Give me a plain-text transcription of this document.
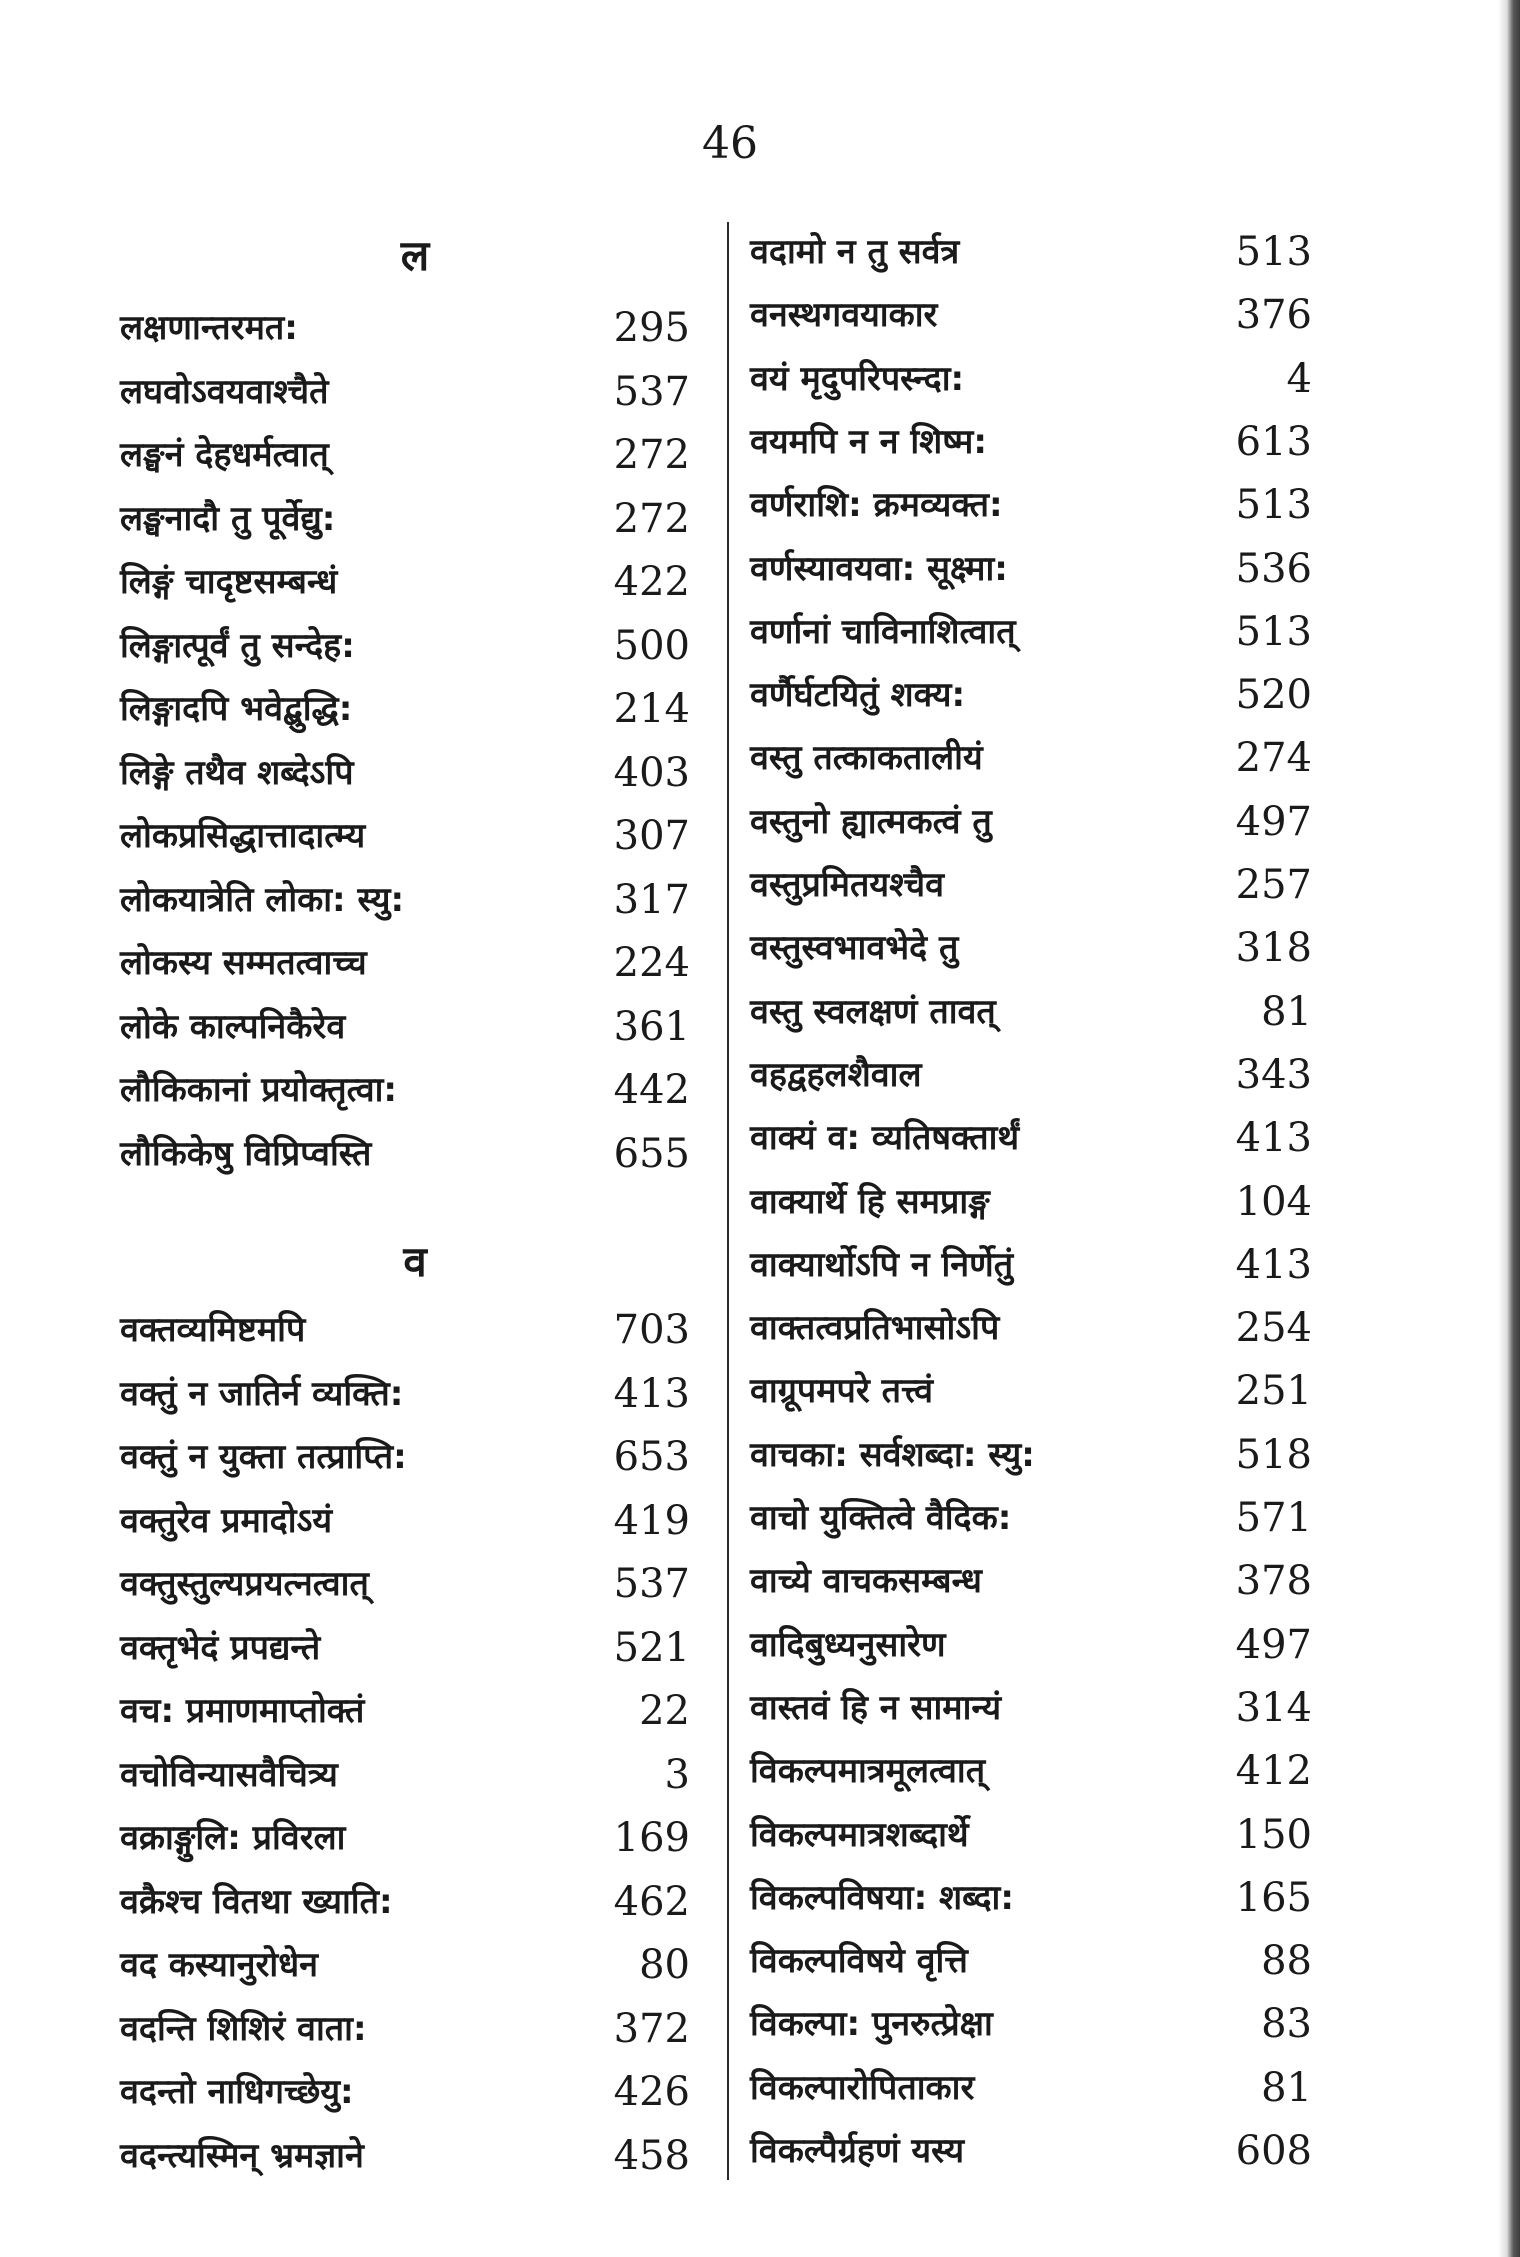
46
ल
लक्षणान्तरमत:	295
लघवोऽवयवाश्चैते	537
लङ्घनं देहधर्मत्वात्	272
लङ्घनादौ तु पूर्वेद्यु:	272
लिङ्गं चादृष्टसम्बन्धं	422
लिङ्गात्पूर्वं तु सन्देह:	500
लिङ्गादपि भवेद्बुद्धि:	214
लिङ्गे तथैव शब्देऽपि	403
लोकप्रसिद्धात्तादात्म्य	307
लोकयात्रेति लोका: स्यु:	317
लोकस्य सम्मतत्वाच्च	224
लोके काल्पनिकैरेव	361
लौकिकानां प्रयोक्तृत्वा:	442
लौकिकेषु विप्रिप्वस्ति	655
व
वक्तव्यमिष्टमपि	703
वक्तुं न जातिर्न व्यक्ति:	413
वक्तुं न युक्ता तत्प्राप्ति:	653
वक्तुरेव प्रमादोऽयं	419
वक्तुस्तुल्यप्रयत्नत्वात्	537
वक्तृभेदं प्रपद्यन्ते	521
वच: प्रमाणमाप्तोक्तं	22
वचोविन्यासवैचित्र्य	3
वक्राङ्गुलि: प्रविरला	169
वक्रैश्च वितथा ख्याति:	462
वद कस्यानुरोधेन	80
वदन्ति शिशिरं वाता:	372
वदन्तो नाधिगच्छेयु:	426
वदन्त्यस्मिन् भ्रमज्ञाने	458
वदामो न तु सर्वत्र	513
वनस्थगवयाकार	376
वयं मृदुपरिपस्न्दा:	4
वयमपि न न शिष्म:	613
वर्णराशि: क्रमव्यक्त:	513
वर्णस्यावयवा: सूक्ष्मा:	536
वर्णानां चाविनाशित्वात्	513
वर्णैर्घटयितुं शक्य:	520
वस्तु तत्काकतालीयं	274
वस्तुनो ह्यात्मकत्वं तु	497
वस्तुप्रमितयश्चैव	257
वस्तुस्वभावभेदे तु	318
वस्तु स्वलक्षणं तावत्	81
वहद्वहलशैवाल	343
वाक्यं व: व्यतिषक्तार्थं	413
वाक्यार्थे हि समप्राङ्ग	104
वाक्यार्थोऽपि न निर्णेतुं	413
वाक्तत्वप्रतिभासोऽपि	254
वाग्रूपमपरे तत्त्वं	251
वाचका: सर्वशब्दा: स्यु:	518
वाचो युक्तित्वे वैदिक:	571
वाच्ये वाचकसम्बन्ध	378
वादिबुध्यनुसारेण	497
वास्तवं हि न सामान्यं	314
विकल्पमात्रमूलत्वात्	412
विकल्पमात्रशब्दार्थे	150
विकल्पविषया: शब्दा:	165
विकल्पविषये वृत्ति	88
विकल्पा: पुनरुत्प्रेक्षा	83
विकल्पारोपिताकार	81
विकल्पैर्ग्रहणं यस्य	608
